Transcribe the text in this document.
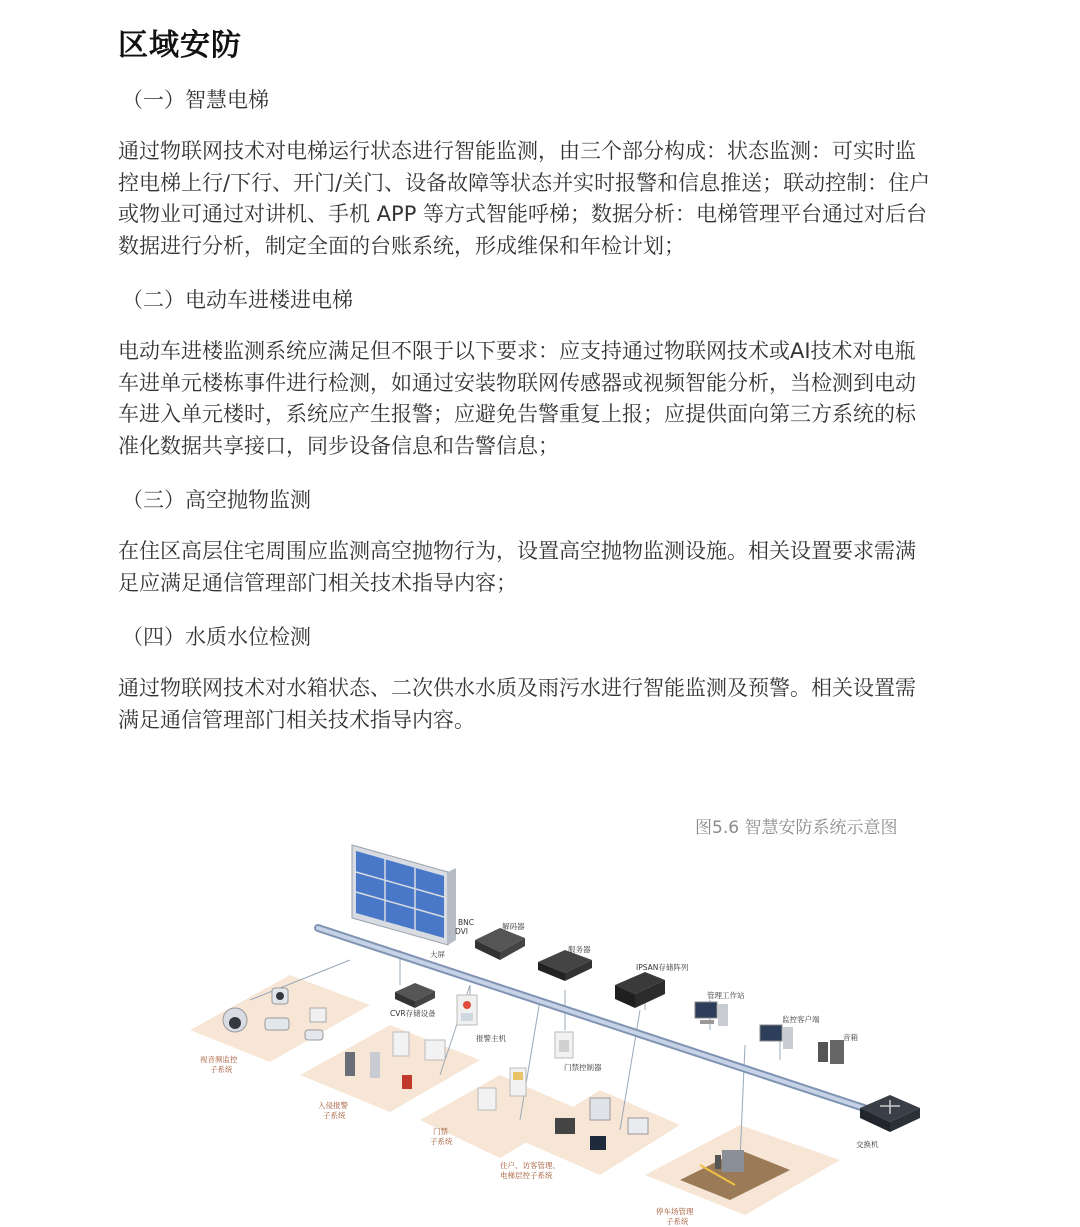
区域安防
（一）智慧电梯
通过物联网技术对电梯运行状态进行智能监测，由三个部分构成：状态监测：可实时监
控电梯上行/下行、开门/关门、设备故障等状态并实时报警和信息推送；联动控制：住户
或物业可通过对讲机、手机 APP 等方式智能呼梯；数据分析：电梯管理平台通过对后台
数据进行分析，制定全面的台账系统，形成维保和年检计划；
（二）电动车进楼进电梯
电动车进楼监测系统应满足但不限于以下要求：应支持通过物联网技术或AI技术对电瓶
车进单元楼栋事件进行检测，如通过安装物联网传感器或视频智能分析，当检测到电动
车进入单元楼时，系统应产生报警；应避免告警重复上报；应提供面向第三方系统的标
准化数据共享接口，同步设备信息和告警信息；
（三）高空抛物监测
在住区高层住宅周围应监测高空抛物行为，设置高空抛物监测设施。相关设置要求需满
足应满足通信管理部门相关技术指导内容；
（四）水质水位检测
通过物联网技术对水箱状态、二次供水水质及雨污水进行智能监测及预警。相关设置需
满足通信管理部门相关技术指导内容。
图5.6 智慧安防系统示意图
BNC DVI
解码器
大屏
服务器
IPSAN存储阵列
管理工作站
监控客户端
音箱
CVR存储设备
报警主机
门禁控制器
交换机
视音频监控子系统
入侵报警子系统
门禁子系统
住户、访客管理、电梯层控子系统
停车场管理子系统
